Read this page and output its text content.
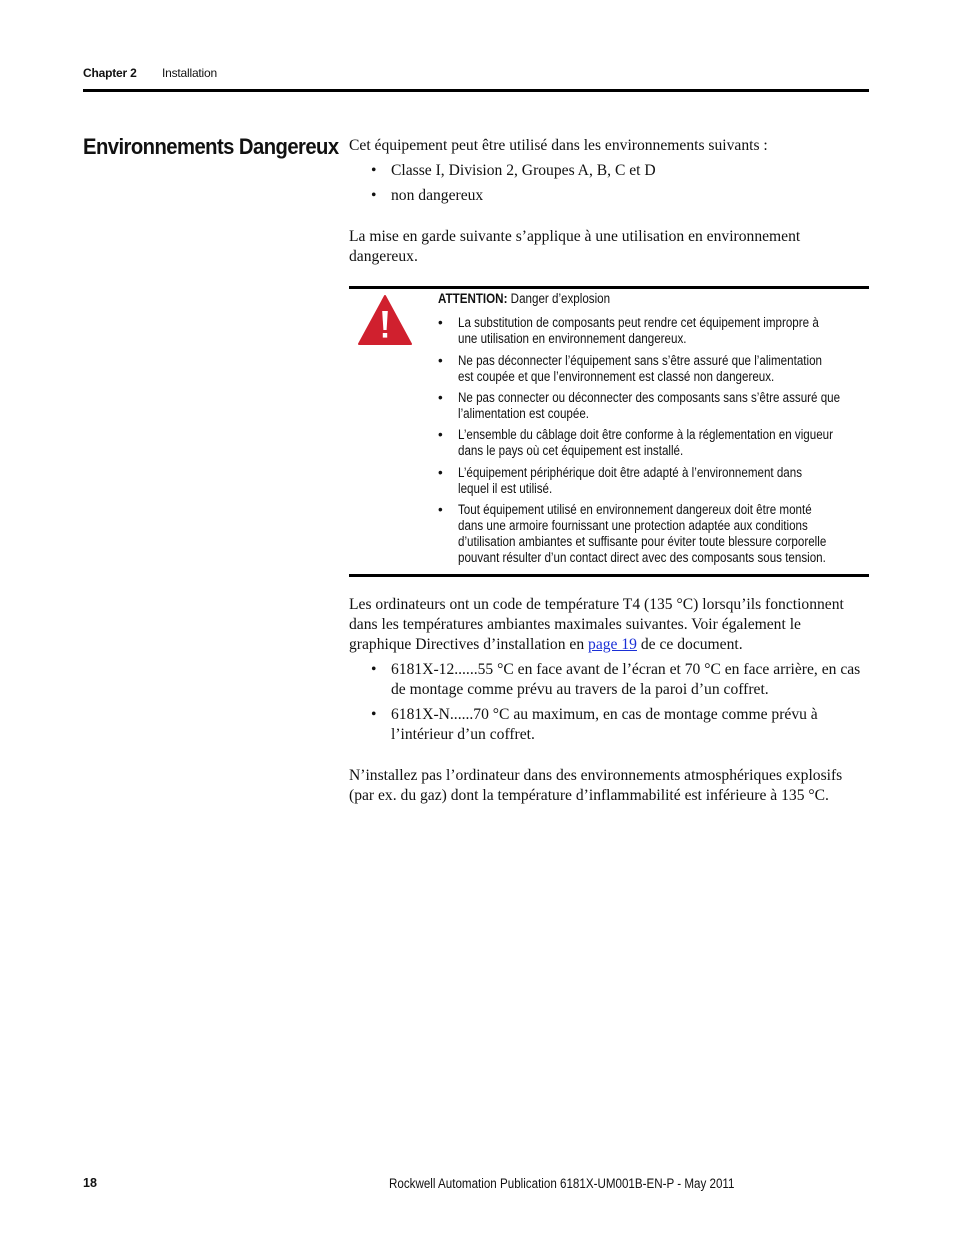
Chapter 2 Installation
Environnements Dangereux Cet équipement peut être utilisé dans les environnements suivants :

• Classe I, Division 2, Groupes A, B, C et D
• non dangereux

La mise en garde suivante s’applique à une utilisation en environnement

dangereux.

ATTENTION: Danger d’explosion
• La substitution de composants peut rendre cet équipement impropre à
une utilisation en environnement dangereux.
• Ne pas déconnecter l’équipement sans s’être assuré que l’alimentation
est coupée et que l’environnement est classé non dangereux.
• Ne pas connecter ou déconnecter des composants sans s’être assuré que
l’alimentation est coupée.
• L’ensemble du câblage doit être conforme à la réglementation en vigueur
dans le pays où cet équipement est installé.
• L’équipement périphérique doit être adapté à l’environnement dans
lequel il est utilisé.
• Tout équipement utilisé en environnement dangereux doit être monté
dans une armoire fournissant une protection adaptée aux conditions
d’utilisation ambiantes et suffisante pour éviter toute blessure corporelle
pouvant résulter d’un contact direct avec des composants sous tension.

Les ordinateurs ont un code de température T4 (135 °C) lorsqu’ils fonctionnent

dans les températures ambiantes maximales suivantes. Voir également le

graphique Directives d’installation en page 19 de ce document.

• 6181X-12......55 °C en face avant de l’écran et 70 °C en face arrière, en cas
de montage comme prévu au travers de la paroi d’un coffret.
• 6181X-N......70 °C au maximum, en cas de montage comme prévu à
l’intérieur d’un coffret.

N’installez pas l’ordinateur dans des environnements atmosphériques explosifs

(par ex. du gaz) dont la température d’inflammabilité est inférieure à 135 °C.

18	Rockwell Automation Publication 6181X-UM001B-EN-P - May 2011
